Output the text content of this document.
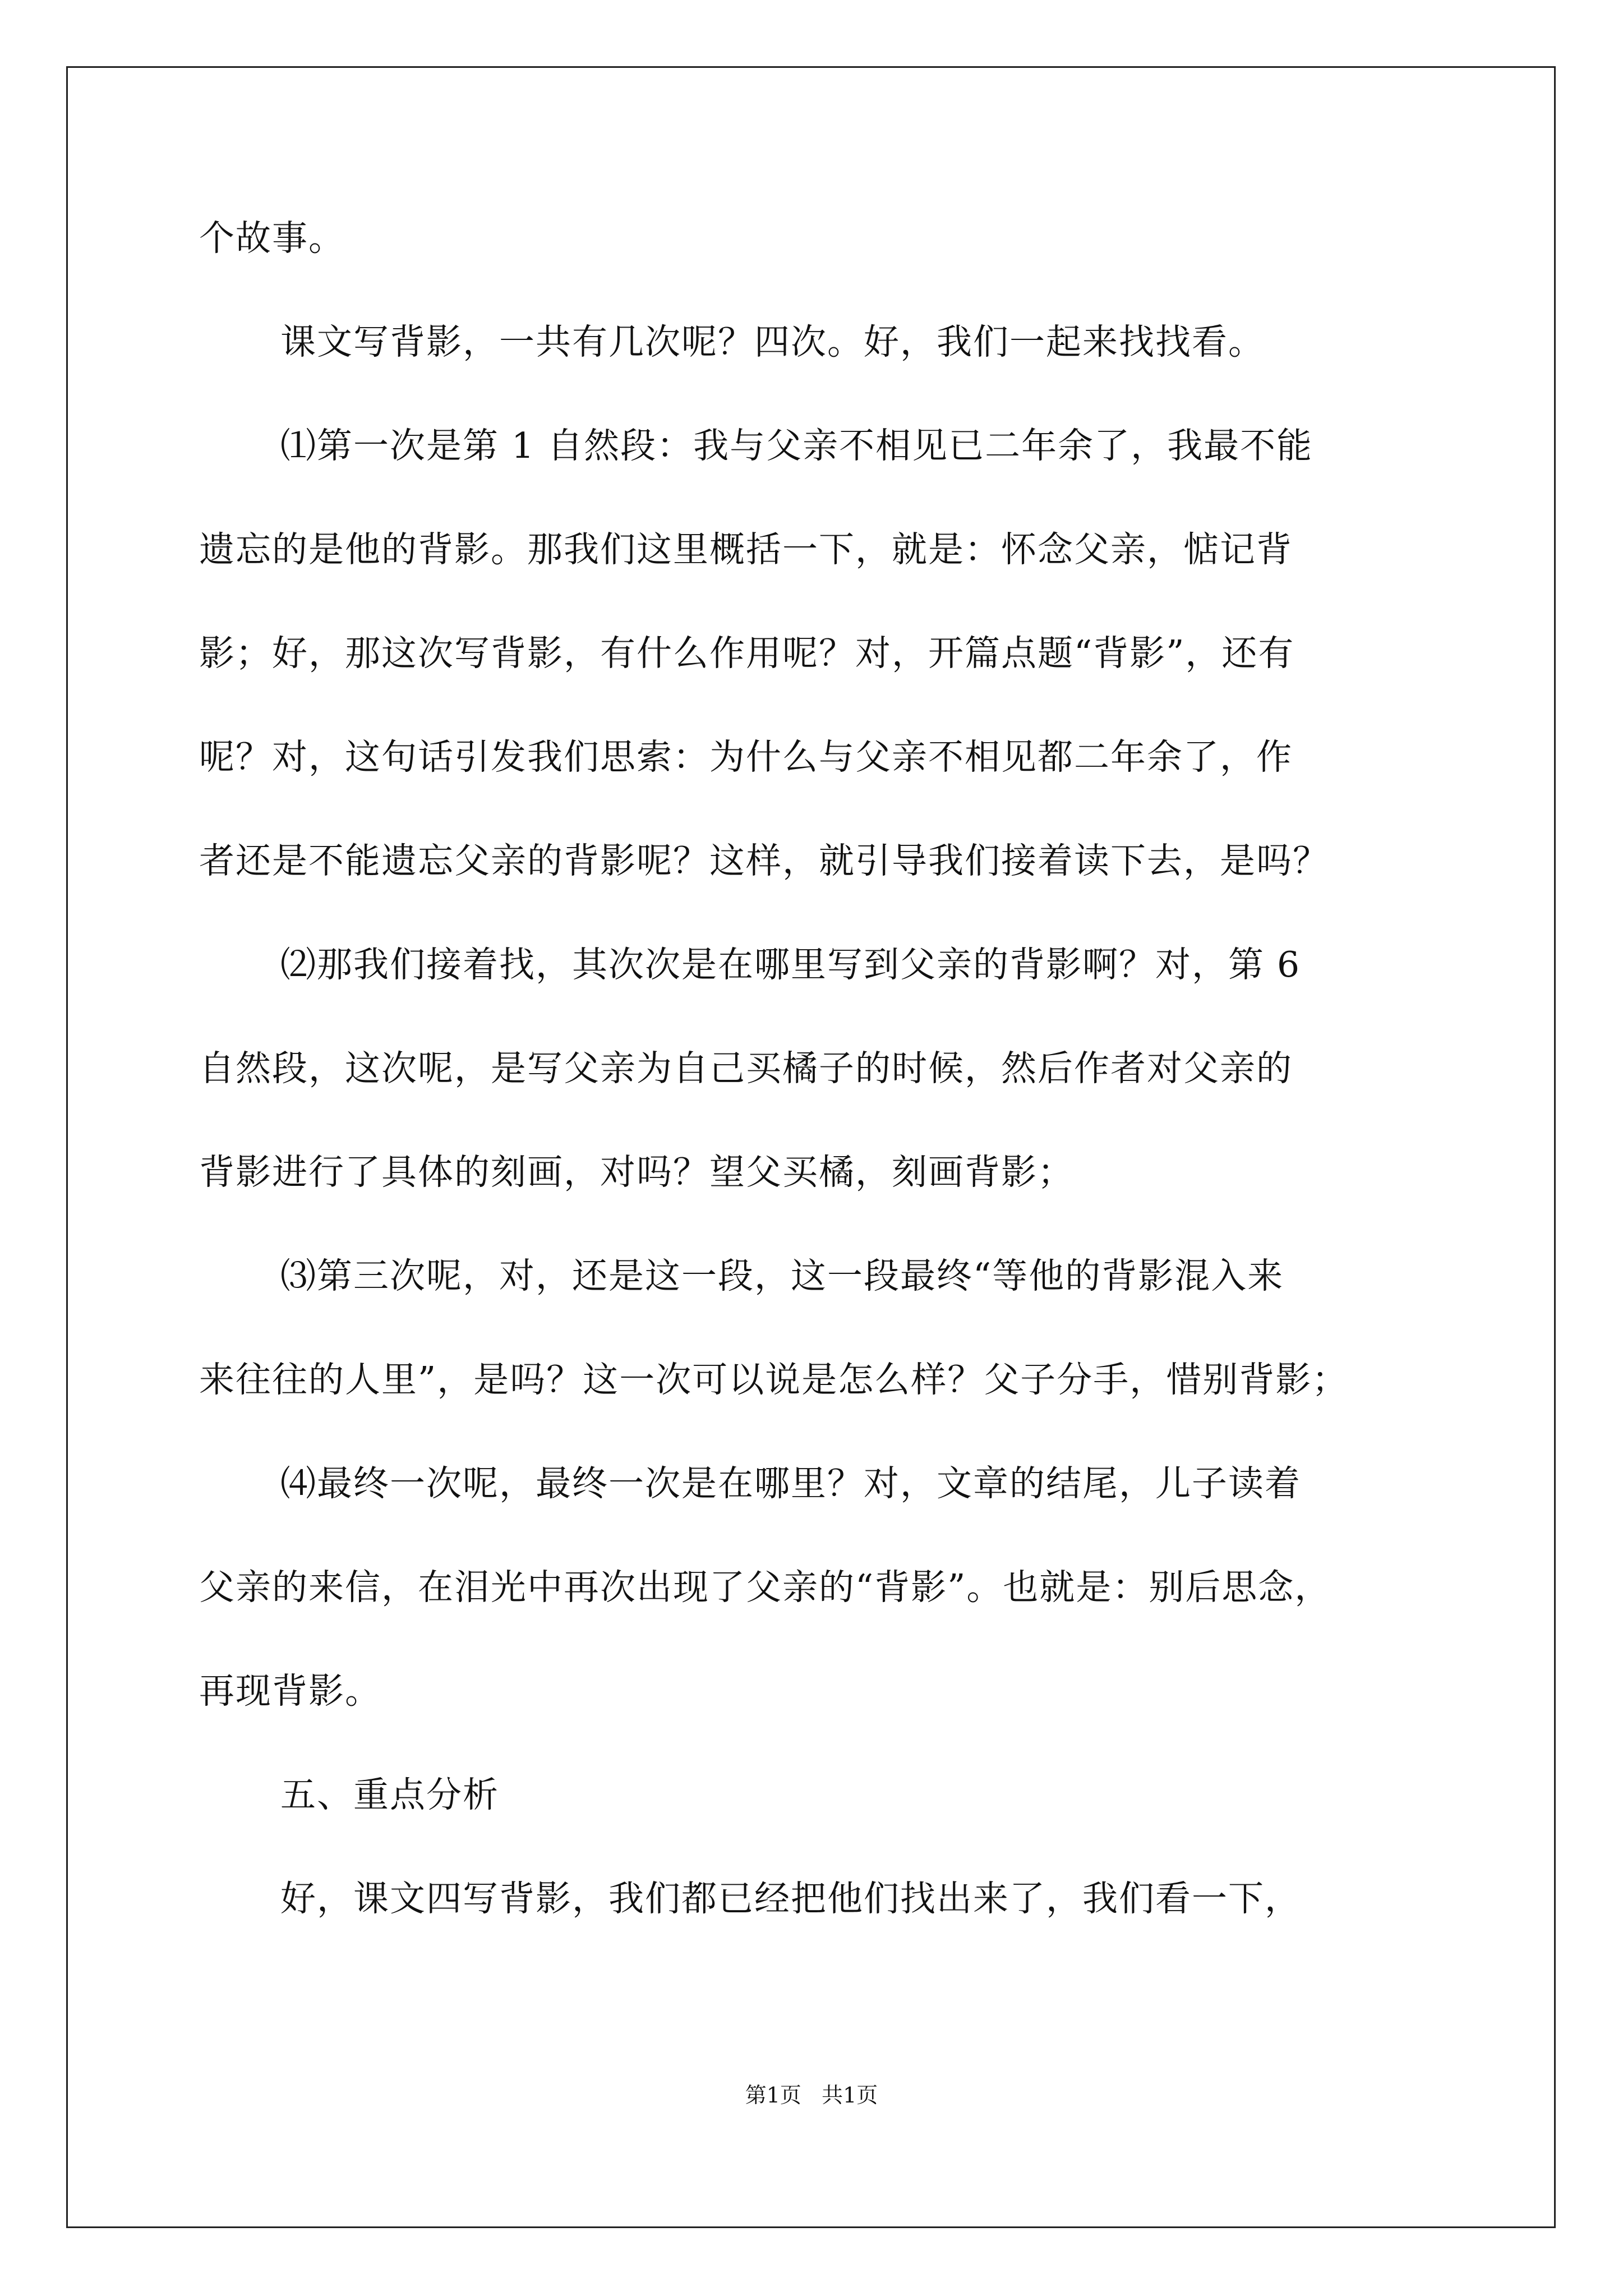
个故事。
课文写背影，一共有几次呢？四次。好，我们一起来找找看。
⑴第一次是第 1 自然段：我与父亲不相见已二年余了，我最不能
遗忘的是他的背影。那我们这里概括一下，就是：怀念父亲，惦记背
影；好，那这次写背影，有什么作用呢？对，开篇点题“背影”，还有
呢？对，这句话引发我们思索：为什么与父亲不相见都二年余了，作
者还是不能遗忘父亲的背影呢？这样，就引导我们接着读下去，是吗？
⑵那我们接着找，其次次是在哪里写到父亲的背影啊？对，第 6
自然段，这次呢，是写父亲为自己买橘子的时候，然后作者对父亲的
背影进行了具体的刻画，对吗？望父买橘，刻画背影；
⑶第三次呢，对，还是这一段，这一段最终“等他的背影混入来
来往往的人里”，是吗？这一次可以说是怎么样？父子分手，惜别背影；
⑷最终一次呢，最终一次是在哪里？对，文章的结尾，儿子读着
父亲的来信，在泪光中再次出现了父亲的“背影”。也就是：别后思念，
再现背影。
五、重点分析
好，课文四写背影，我们都已经把他们找出来了，我们看一下，
第1页   共1页
